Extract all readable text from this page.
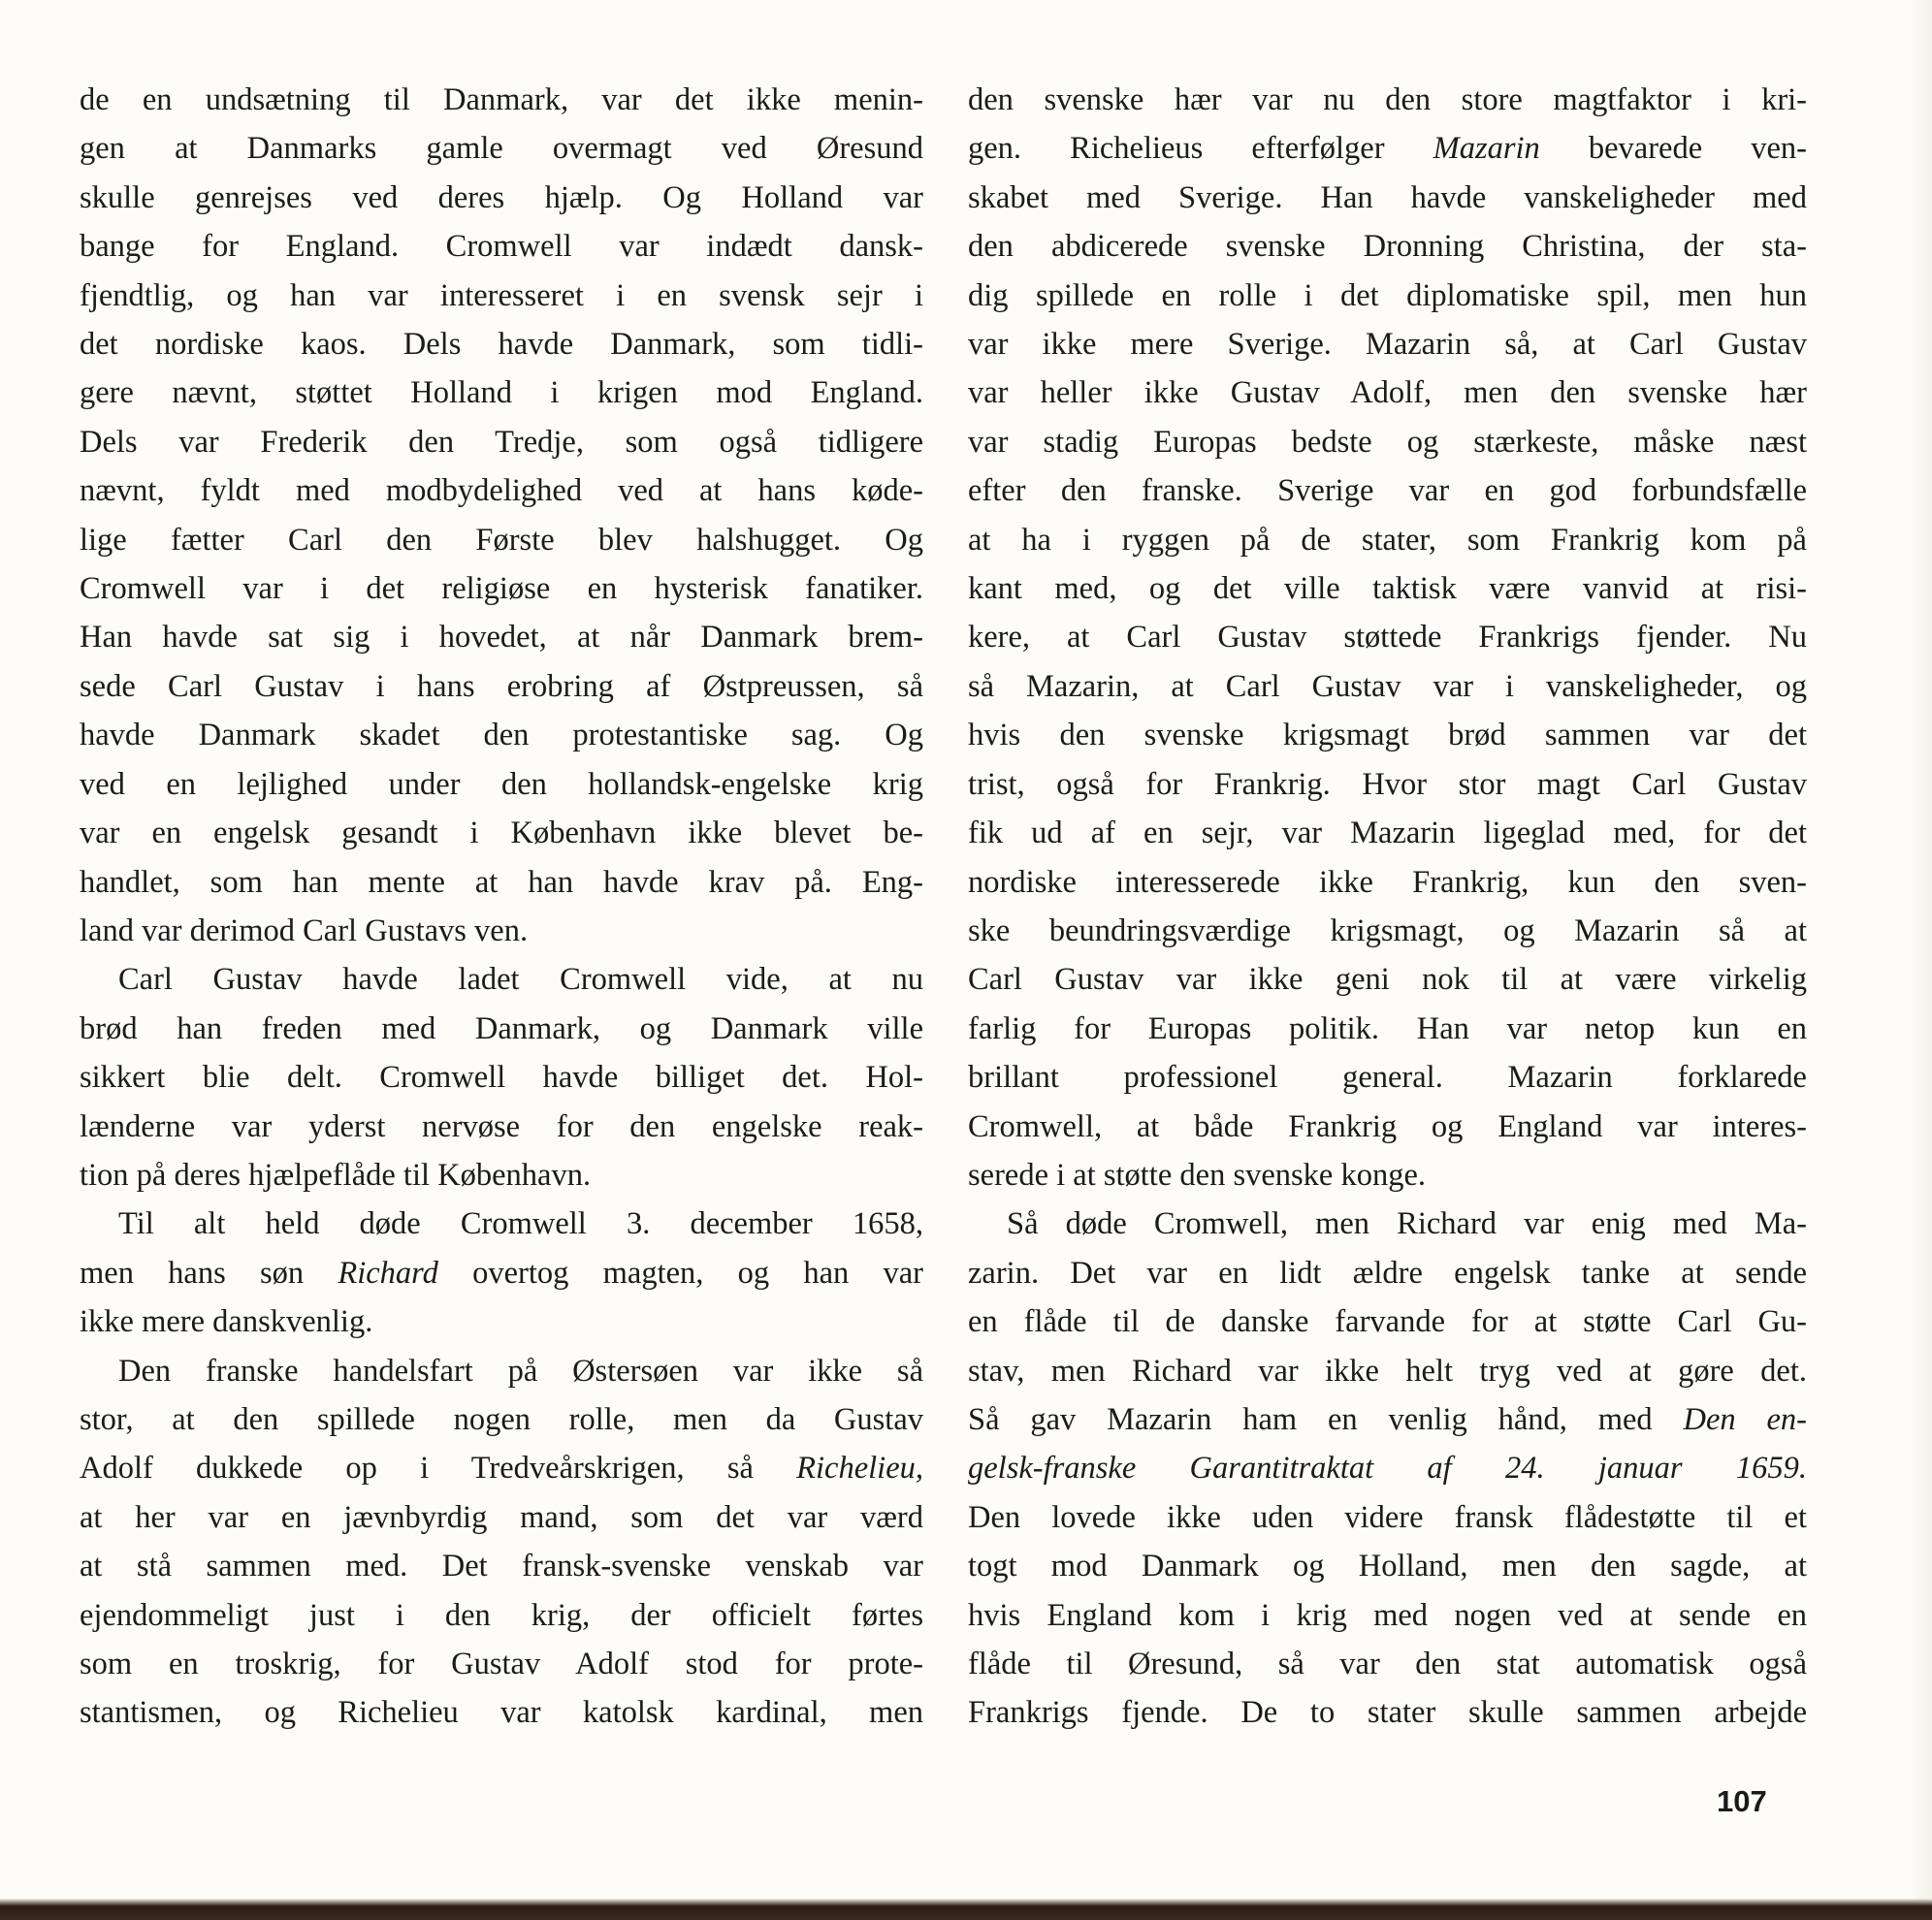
de en undsætning til Danmark, var det ikke menin-
gen at Danmarks gamle overmagt ved Øresund
skulle genrejses ved deres hjælp. Og Holland var
bange for England. Cromwell var indædt dansk-
fjendtlig, og han var interesseret i en svensk sejr i
det nordiske kaos. Dels havde Danmark, som tidli-
gere nævnt, støttet Holland i krigen mod England.
Dels var Frederik den Tredje, som også tidligere
nævnt, fyldt med modbydelighed ved at hans køde-
lige fætter Carl den Første blev halshugget. Og
Cromwell var i det religiøse en hysterisk fanatiker.
Han havde sat sig i hovedet, at når Danmark brem-
sede Carl Gustav i hans erobring af Østpreussen, så
havde Danmark skadet den protestantiske sag. Og
ved en lejlighed under den hollandsk-engelske krig
var en engelsk gesandt i København ikke blevet be-
handlet, som han mente at han havde krav på. Eng-
land var derimod Carl Gustavs ven.
Carl Gustav havde ladet Cromwell vide, at nu
brød han freden med Danmark, og Danmark ville
sikkert blie delt. Cromwell havde billiget det. Hol-
lænderne var yderst nervøse for den engelske reak-
tion på deres hjælpeflåde til København.
Til alt held døde Cromwell 3. december 1658,
men hans søn Richard overtog magten, og han var
ikke mere danskvenlig.
Den franske handelsfart på Østersøen var ikke så
stor, at den spillede nogen rolle, men da Gustav
Adolf dukkede op i Tredveårskrigen, så Richelieu,
at her var en jævnbyrdig mand, som det var værd
at stå sammen med. Det fransk-svenske venskab var
ejendommeligt just i den krig, der officielt førtes
som en troskrig, for Gustav Adolf stod for prote-
stantismen, og Richelieu var katolsk kardinal, men
den svenske hær var nu den store magtfaktor i kri-
gen. Richelieus efterfølger Mazarin bevarede ven-
skabet med Sverige. Han havde vanskeligheder med
den abdicerede svenske Dronning Christina, der sta-
dig spillede en rolle i det diplomatiske spil, men hun
var ikke mere Sverige. Mazarin så, at Carl Gustav
var heller ikke Gustav Adolf, men den svenske hær
var stadig Europas bedste og stærkeste, måske næst
efter den franske. Sverige var en god forbundsfælle
at ha i ryggen på de stater, som Frankrig kom på
kant med, og det ville taktisk være vanvid at risi-
kere, at Carl Gustav støttede Frankrigs fjender. Nu
så Mazarin, at Carl Gustav var i vanskeligheder, og
hvis den svenske krigsmagt brød sammen var det
trist, også for Frankrig. Hvor stor magt Carl Gustav
fik ud af en sejr, var Mazarin ligeglad med, for det
nordiske interesserede ikke Frankrig, kun den sven-
ske beundringsværdige krigsmagt, og Mazarin så at
Carl Gustav var ikke geni nok til at være virkelig
farlig for Europas politik. Han var netop kun en
brillant professionel general. Mazarin forklarede
Cromwell, at både Frankrig og England var interes-
serede i at støtte den svenske konge.
Så døde Cromwell, men Richard var enig med Ma-
zarin. Det var en lidt ældre engelsk tanke at sende
en flåde til de danske farvande for at støtte Carl Gu-
stav, men Richard var ikke helt tryg ved at gøre det.
Så gav Mazarin ham en venlig hånd, med Den en-
gelsk-franske Garantitraktat af 24. januar 1659.
Den lovede ikke uden videre fransk flådestøtte til et
togt mod Danmark og Holland, men den sagde, at
hvis England kom i krig med nogen ved at sende en
flåde til Øresund, så var den stat automatisk også
Frankrigs fjende. De to stater skulle sammen arbejde
107
